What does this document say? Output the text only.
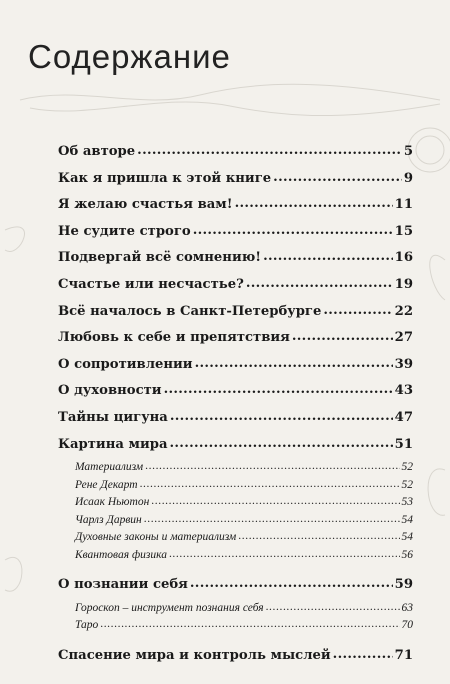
Содержание
Об авторе .....	5
Как я пришла к этой книге .....	9
Я желаю счастья вам! .....	11
Не судите строго .....	15
Подвергай всё сомнению! .....	16
Счастье или несчастье? .....	19
Всё началось в Санкт-Петербурге .....	22
Любовь к себе и препятствия .....	27
О сопротивлении .....	39
О духовности .....	43
Тайны цигуна .....	47
Картина мира .....	51
Материализм .....	52
Рене Декарт .....	52
Исаак Ньютон .....	53
Чарлз Дарвин .....	54
Духовные законы и материализм .....	54
Квантовая физика .....	56
О познании себя .....	59
Гороскоп – инструмент познания себя .....	63
Таро .....	70
Спасение мира и контроль мыслей .....	71
